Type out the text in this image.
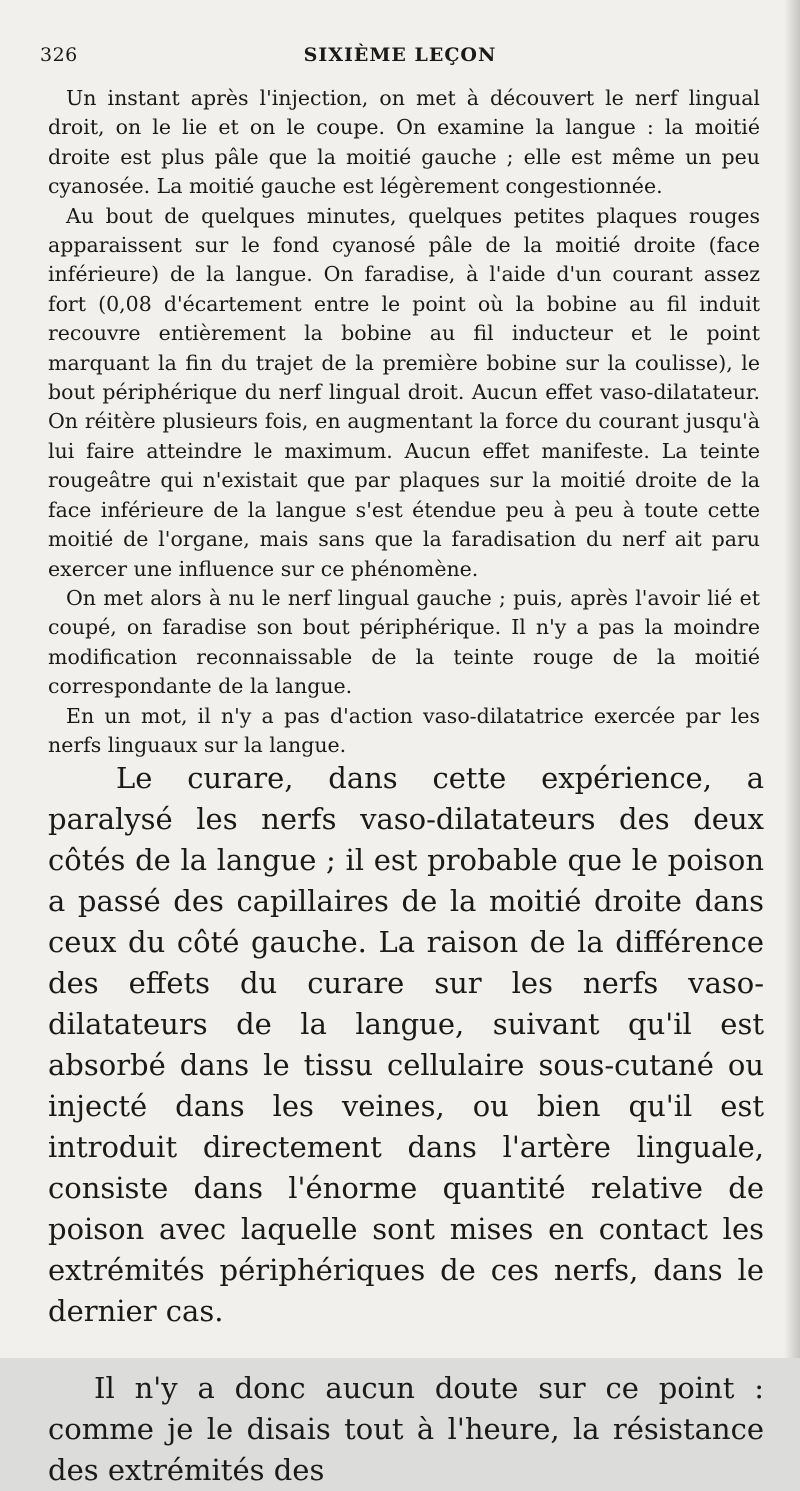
326	SIXIÈME LEÇON

Un instant après l'injection, on met à découvert le nerf lingual droit, on le lie et on le coupe. On examine la langue : la moitié droite est plus pâle que la moitié gauche ; elle est même un peu cyanosée. La moitié gauche est légèrement congestionnée.

Au bout de quelques minutes, quelques petites plaques rouges apparaissent sur le fond cyanosé pâle de la moitié droite (face inférieure) de la langue. On faradise, à l'aide d'un courant assez fort (0,08 d'écartement entre le point où la bobine au fil induit recouvre entièrement la bobine au fil inducteur et le point marquant la fin du trajet de la première bobine sur la coulisse), le bout périphérique du nerf lingual droit. Aucun effet vaso-dilatateur. On réitère plusieurs fois, en augmentant la force du courant jusqu'à lui faire atteindre le maximum. Aucun effet manifeste. La teinte rougeâtre qui n'existait que par plaques sur la moitié droite de la face inférieure de la langue s'est étendue peu à peu à toute cette moitié de l'organe, mais sans que la faradisation du nerf ait paru exercer une influence sur ce phénomène.

On met alors à nu le nerf lingual gauche ; puis, après l'avoir lié et coupé, on faradise son bout périphérique. Il n'y a pas la moindre modification reconnaissable de la teinte rouge de la moitié correspondante de la langue.

En un mot, il n'y a pas d'action vaso-dilatatrice exercée par les nerfs linguaux sur la langue.

Le curare, dans cette expérience, a paralysé les nerfs vaso-dilatateurs des deux côtés de la langue ; il est probable que le poison a passé des capillaires de la moitié droite dans ceux du côté gauche. La raison de la différence des effets du curare sur les nerfs vaso-dilatateurs de la langue, suivant qu'il est absorbé dans le tissu cellulaire sous-cutané ou injecté dans les veines, ou bien qu'il est introduit directement dans l'artère linguale, consiste dans l'énorme quantité relative de poison avec laquelle sont mises en contact les extrémités périphériques de ces nerfs, dans le dernier cas.

Il n'y a donc aucun doute sur ce point : comme je le disais tout à l'heure, la résistance des extrémités des
